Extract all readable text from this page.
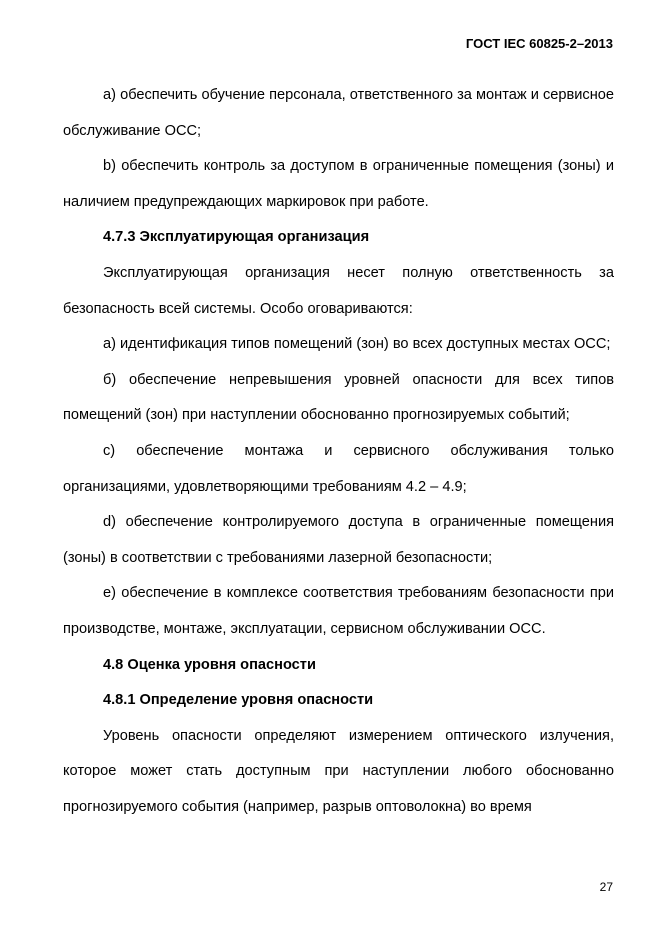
ГОСТ IEC 60825-2–2013

а) обеспечить обучение персонала, ответственного за монтаж и сервисное обслуживание ОСС;

b) обеспечить контроль за доступом в ограниченные помещения (зоны) и наличием предупреждающих маркировок при работе.

4.7.3 Эксплуатирующая организация

Эксплуатирующая организация несет полную ответственность за безопасность всей системы. Особо оговариваются:

а) идентификация типов помещений (зон) во всех доступных местах ОСС;

б) обеспечение непревышения уровней опасности для всех типов помещений (зон) при наступлении обоснованно прогнозируемых событий;

c) обеспечение монтажа и сервисного обслуживания только организациями, удовлетворяющими требованиям 4.2 – 4.9;

d) обеспечение контролируемого доступа в ограниченные помещения (зоны) в соответствии с требованиями лазерной безопасности;

е) обеспечение в комплексе соответствия требованиям безопасности при производстве, монтаже, эксплуатации, сервисном обслуживании ОСС.

4.8 Оценка уровня опасности

4.8.1 Определение уровня опасности

Уровень опасности определяют измерением оптического излучения, которое может стать доступным при наступлении любого обоснованно прогнозируемого события (например, разрыв оптоволокна) во время

27
